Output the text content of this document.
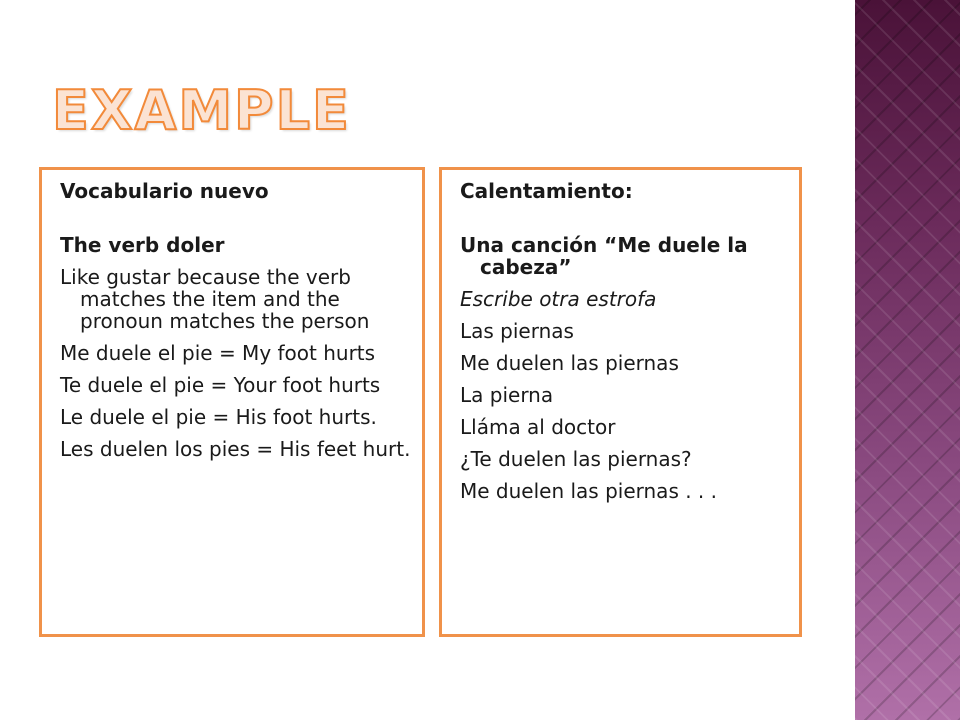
EXAMPLE

Vocabulario nuevo

The verb doler

Like gustar because the verb matches the item and the pronoun matches the person

Me duele el pie = My foot hurts

Te duele el pie = Your foot hurts

Le duele el pie = His foot hurts.

Les duelen los pies = His feet hurt.

Calentamiento:

Una canción “Me duele la cabeza”

Escribe otra estrofa

Las piernas

Me duelen las piernas

La pierna

Lláma al doctor

¿Te duelen las piernas?

Me duelen las piernas . . .
